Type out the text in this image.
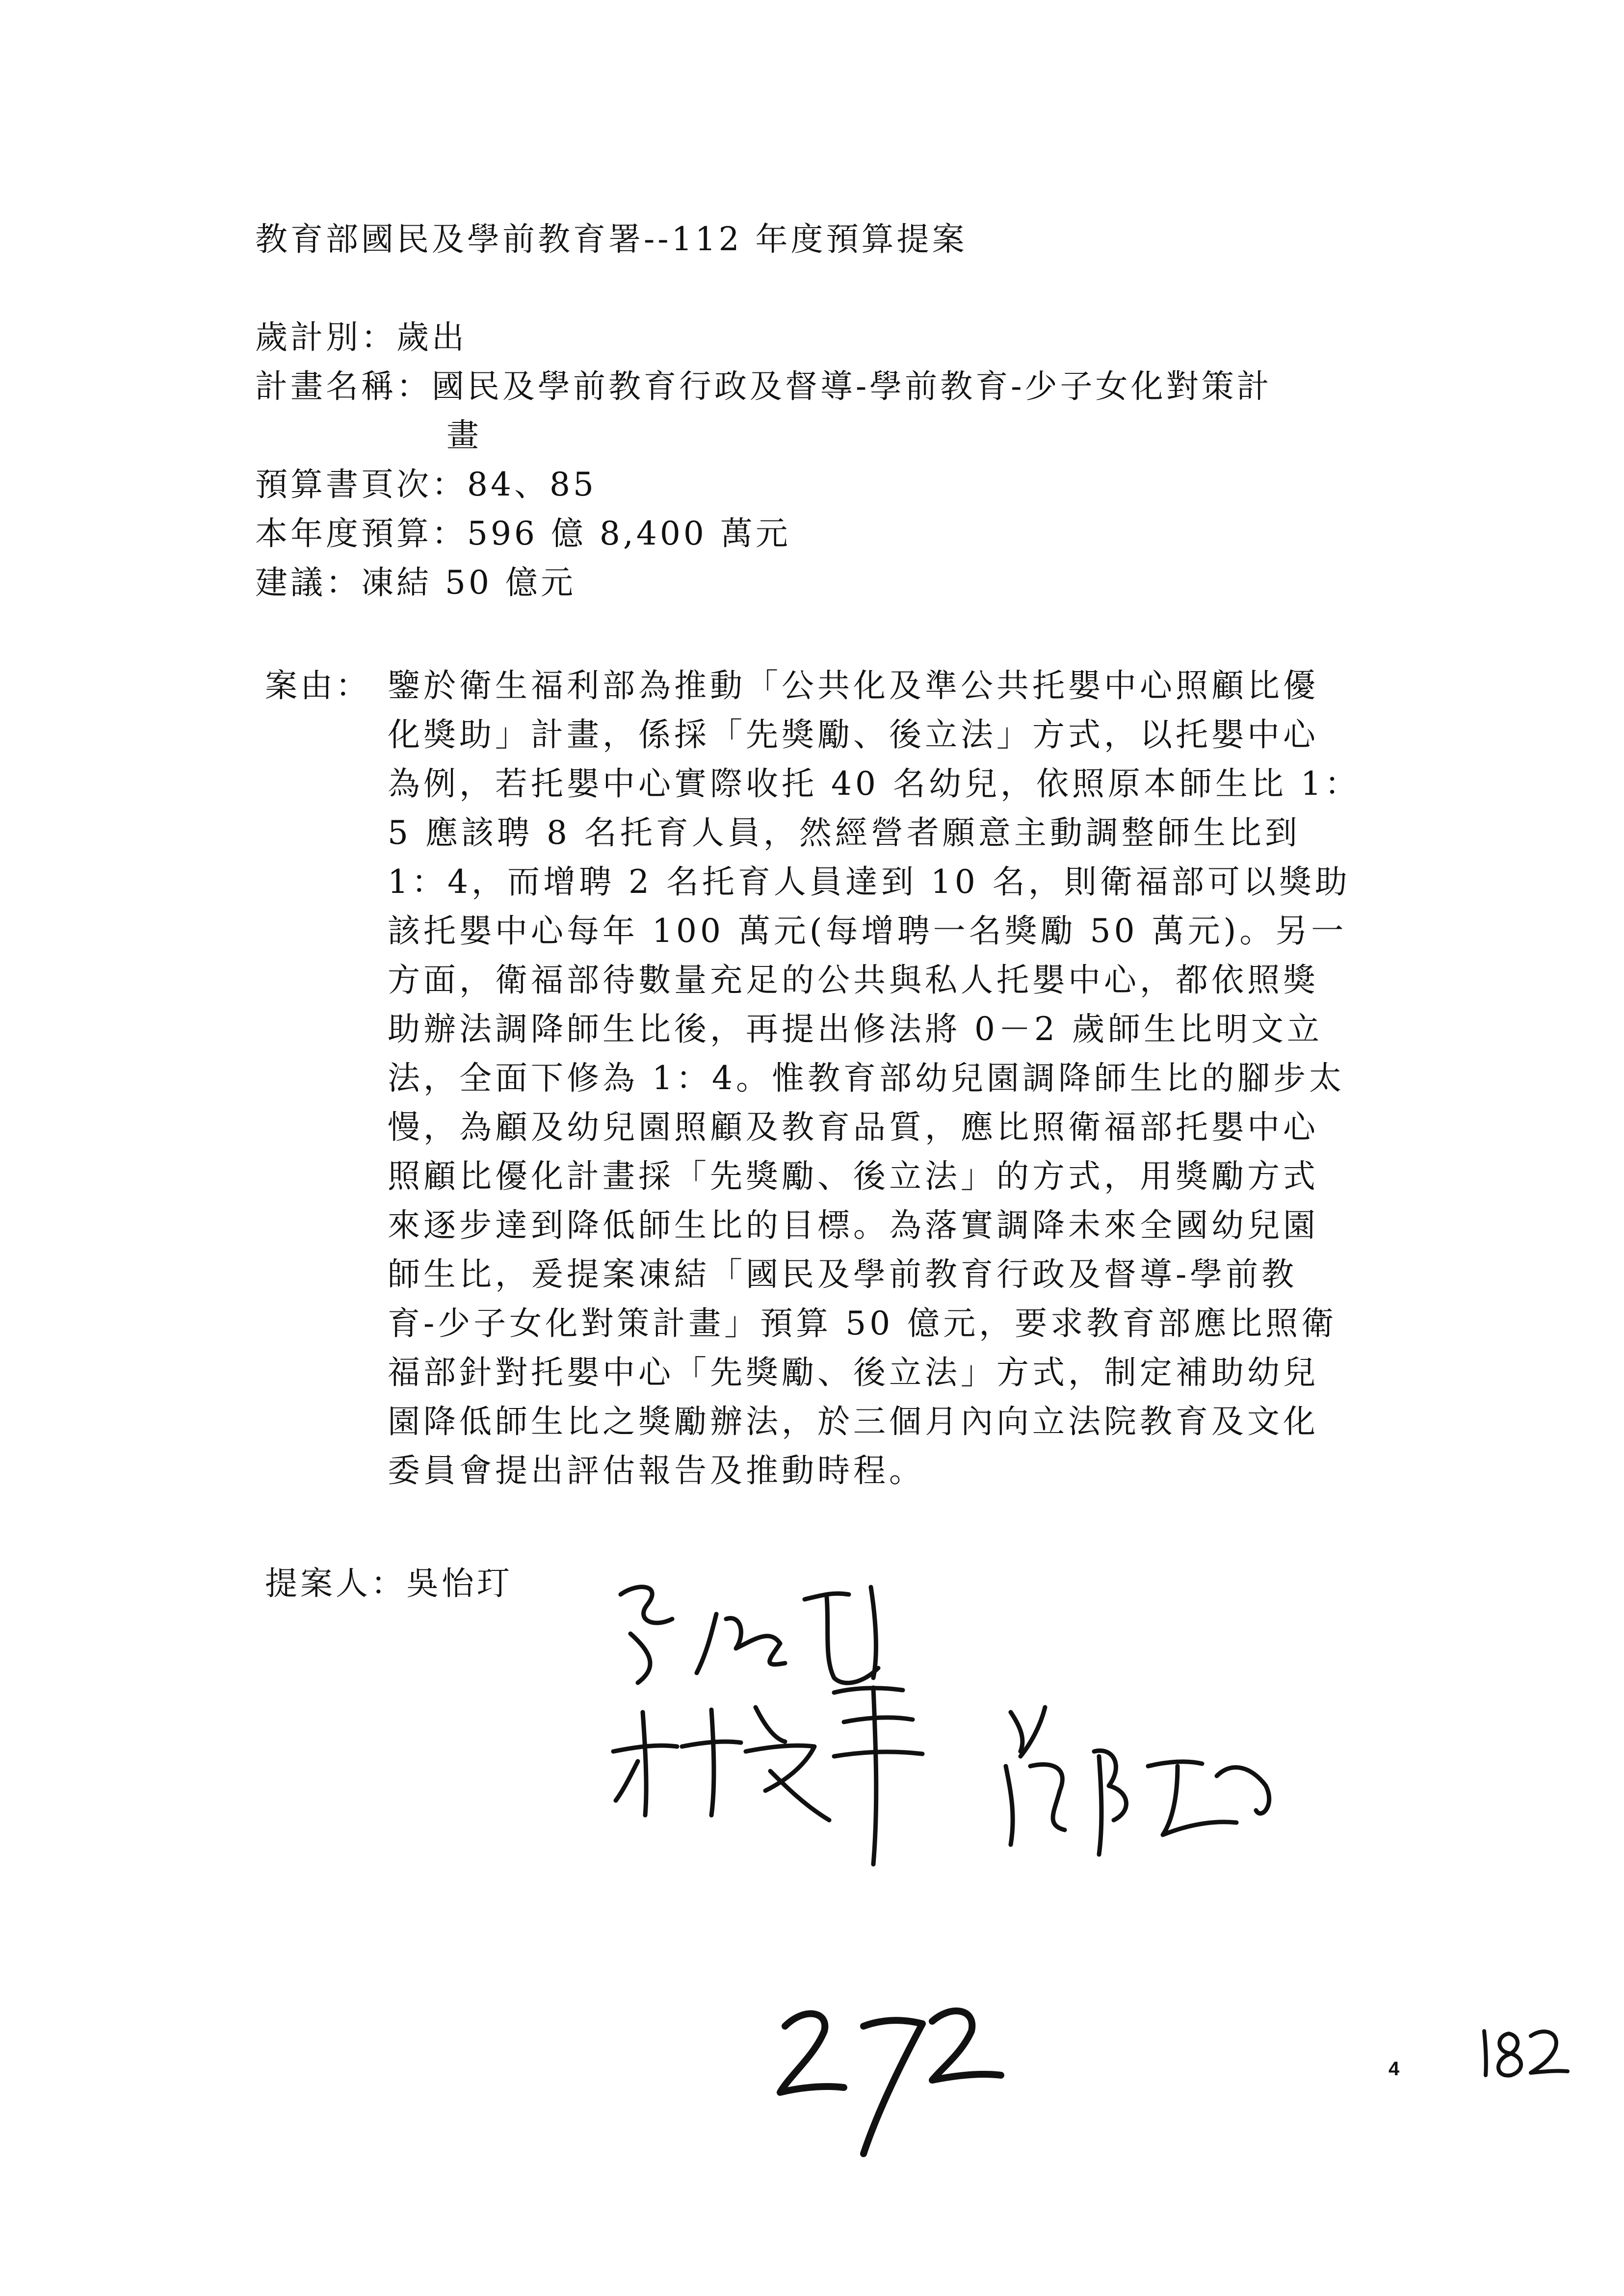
教育部國民及學前教育署--112 年度預算提案
歲計別：歲出
計畫名稱：國民及學前教育行政及督導-學前教育-少子女化對策計
畫
預算書頁次：84、85
本年度預算：596 億 8,400 萬元
建議：凍結 50 億元
案由： 鑒於衛生福利部為推動「公共化及準公共托嬰中心照顧比優
化獎助」計畫，係採「先獎勵、後立法」方式，以托嬰中心
為例，若托嬰中心實際收托 40 名幼兒，依照原本師生比 1：
5 應該聘 8 名托育人員，然經營者願意主動調整師生比到
1：4，而增聘 2 名托育人員達到 10 名，則衛福部可以獎助
該托嬰中心每年 100 萬元(每增聘一名獎勵 50 萬元)。另一
方面，衛福部待數量充足的公共與私人托嬰中心，都依照獎
助辦法調降師生比後，再提出修法將 0－2 歲師生比明文立
法，全面下修為 1：4。惟教育部幼兒園調降師生比的腳步太
慢，為顧及幼兒園照顧及教育品質，應比照衛福部托嬰中心
照顧比優化計畫採「先獎勵、後立法」的方式，用獎勵方式
來逐步達到降低師生比的目標。為落實調降未來全國幼兒園
師生比，爰提案凍結「國民及學前教育行政及督導-學前教
育-少子女化對策計畫」預算 50 億元，要求教育部應比照衛
福部針對托嬰中心「先獎勵、後立法」方式，制定補助幼兒
園降低師生比之獎勵辦法，於三個月內向立法院教育及文化
委員會提出評估報告及推動時程。
提案人：吳怡玎
4
